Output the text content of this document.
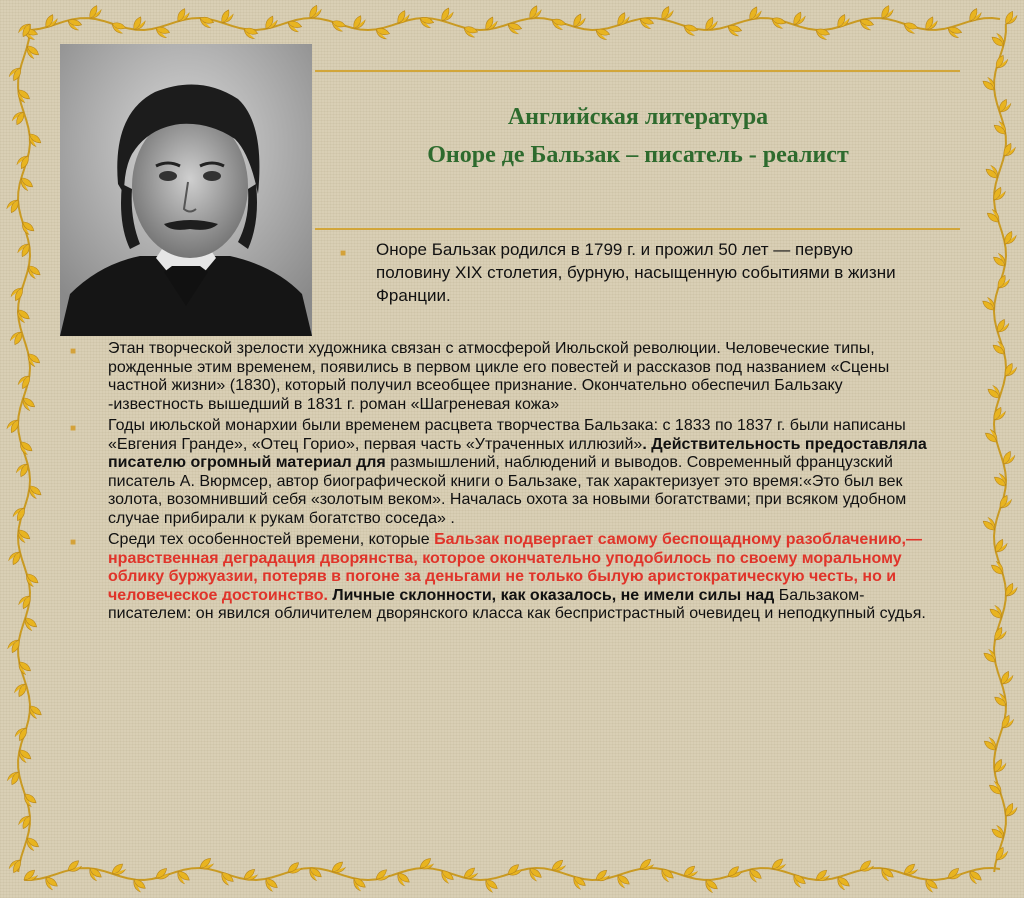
Английская литература
Оноре де Бальзак – писатель - реалист
■ Оноре Бальзак родился в 1799 г. и прожил 50 лет — первую половину XIX столетия, бурную, насыщенную событиями в жизни Франции.
■ Этан творческой зрелости художника связан с атмосферой Июльской революции. Человеческие типы, рожденные этим временем, появились в первом цикле его повестей и рассказов под названием «Сцены частной жизни» (1830), который получил всеобщее признание. Окончательно обеспечил Бальзаку -известность вышедший в 1831 г. роман «Шагреневая кожа»
■ Годы июльской монархии были временем расцвета творчества Бальзака: с 1833 по 1837 г. были написаны «Евгения Гранде», «Отец Горио», первая часть «Утраченных иллюзий». Действительность предоставляла писателю огромный материал для размышлений, наблюдений и выводов. Современный французский писатель А. Вюрмсер, автор биографической книги о Бальзаке, так характеризует это время:«Это был век золота, возомнивший себя «золотым веком». Началась охота за новыми богатствами; при всяком удобном случае прибирали к рукам богатство соседа» .
■ Среди тех особенностей времени, которые Бальзак подвергает самому беспощадному разоблачению,— нравственная деградация дворянства, которое окончательно уподобилось по своему моральному облику буржуазии, потеряв в погоне за деньгами не только былую аристократическую честь, но и человеческое достоинство. Личные склонности, как оказалось, не имели силы над Бальзаком-писателем: он явился обличителем дворянского класса как беспристрастный очевидец и неподкупный судья.
